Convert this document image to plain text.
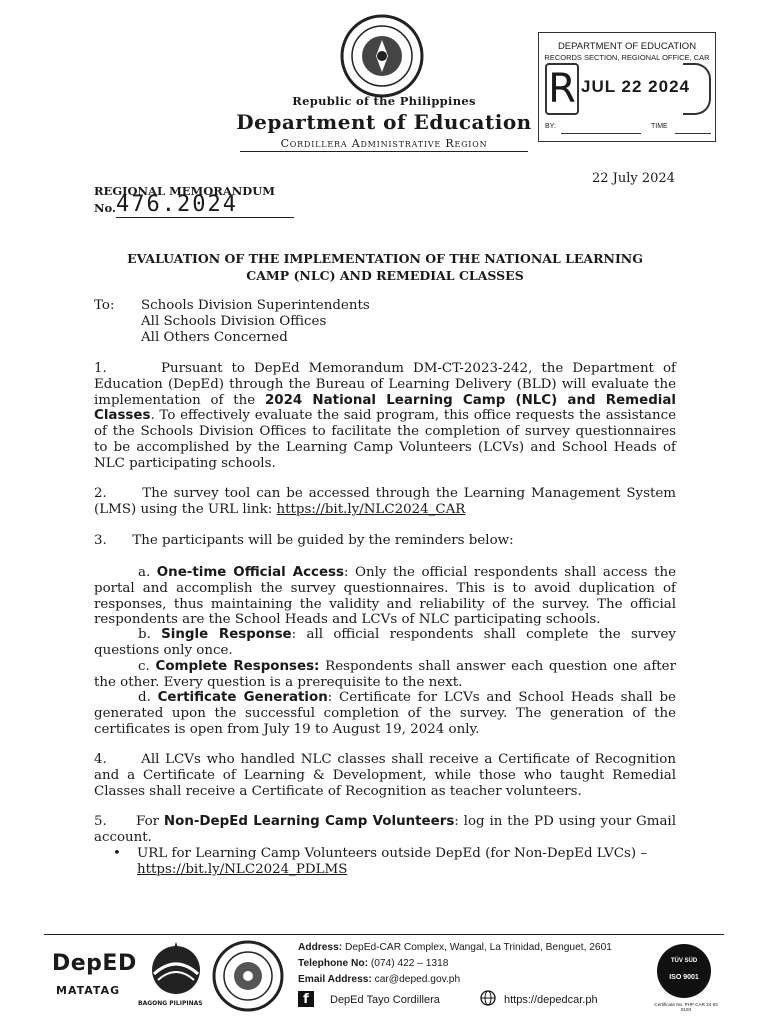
Republic of the Philippines
Department of Education
Cordillera Administrative Region
DEPARTMENT OF EDUCATION
RECORDS SECTION, REGIONAL OFFICE, CAR
R JUL 22 2024
BY:	TIME
22 July 2024
REGIONAL MEMORANDUM
No. 476.2024
EVALUATION OF THE IMPLEMENTATION OF THE NATIONAL LEARNING
CAMP (NLC) AND REMEDIAL CLASSES
To: Schools Division Superintendents
All Schools Division Offices
All Others Concerned
1.      Pursuant to DepEd Memorandum DM-CT-2023-242, the Department of Education (DepEd) through the Bureau of Learning Delivery (BLD) will evaluate the implementation of the 2024 National Learning Camp (NLC) and Remedial Classes. To effectively evaluate the said program, this office requests the assistance of the Schools Division Offices to facilitate the completion of survey questionnaires to be accomplished by the Learning Camp Volunteers (LCVs) and School Heads of NLC participating schools.
2.      The survey tool can be accessed through the Learning Management System (LMS) using the URL link: https://bit.ly/NLC2024_CAR
3.      The participants will be guided by the reminders below:
a. One-time Official Access: Only the official respondents shall access the portal and accomplish the survey questionnaires. This is to avoid duplication of responses, thus maintaining the validity and reliability of the survey. The official respondents are the School Heads and LCVs of NLC participating schools.
b. Single Response: all official respondents shall complete the survey questions only once.
c. Complete Responses: Respondents shall answer each question one after the other. Every question is a prerequisite to the next.
d. Certificate Generation: Certificate for LCVs and School Heads shall be generated upon the successful completion of the survey. The generation of the certificates is open from July 19 to August 19, 2024 only.
4.      All LCVs who handled NLC classes shall receive a Certificate of Recognition and a Certificate of Learning & Development, while those who taught Remedial Classes shall receive a Certificate of Recognition as teacher volunteers.
5.      For Non-DepEd Learning Camp Volunteers: log in the PD using your Gmail account.
•	URL for Learning Camp Volunteers outside DepEd (for Non-DepEd LVCs) –
https://bit.ly/NLC2024_PDLMS
DepED
MATATAG
BAGONG PILIPINAS
Address: DepEd-CAR Complex, Wangal, La Trinidad, Benguet, 2601
Telephone No: (074) 422 – 1318
Email Address: car@deped.gov.ph
f	DepEd Tayo Cordillera	https://depedcar.ph
TÜV SÜD
ISO 9001
Certificate No. PHP CAR 24 93 0193
